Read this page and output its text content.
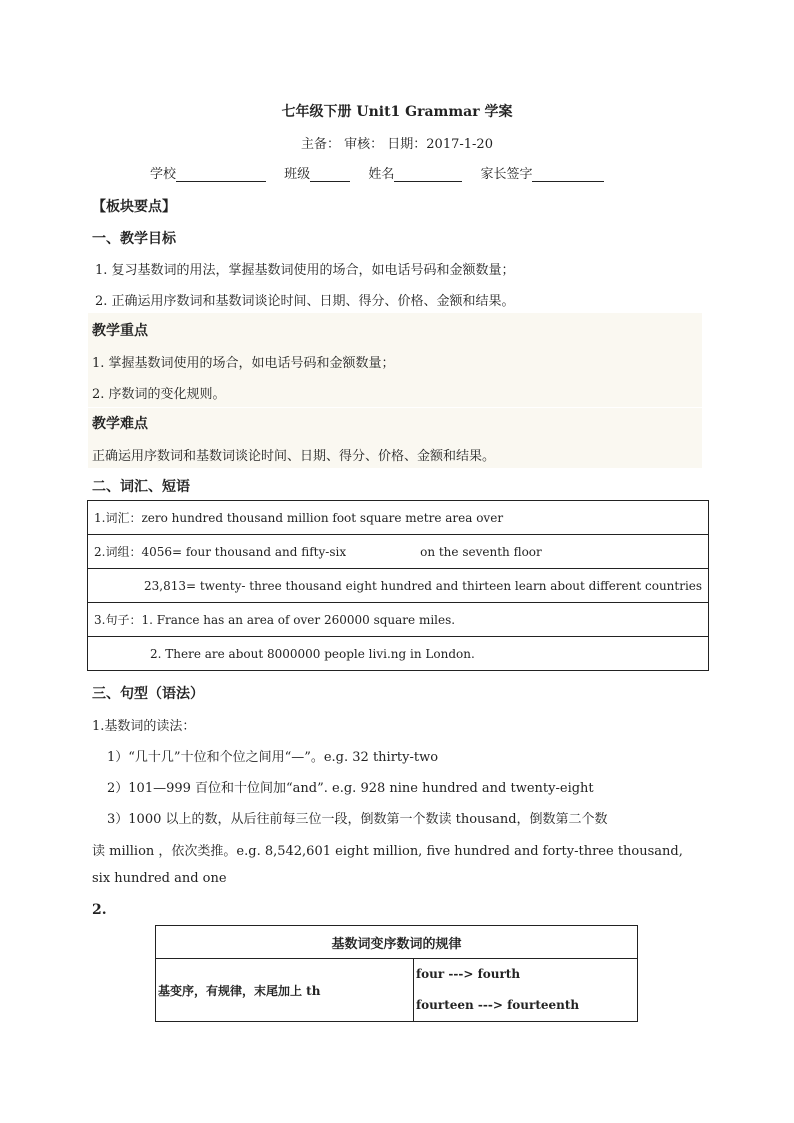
七年级下册 Unit1 Grammar 学案
主备： 审核： 日期：2017-1-20
学校	班级	姓名	家长签字
【板块要点】
一、教学目标
1. 复习基数词的用法，掌握基数词使用的场合，如电话号码和金额数量；
2. 正确运用序数词和基数词谈论时间、日期、得分、价格、金额和结果。
教学重点
1. 掌握基数词使用的场合，如电话号码和金额数量；
2. 序数词的变化规则。
教学难点
正确运用序数词和基数词谈论时间、日期、得分、价格、金额和结果。
二、词汇、短语
1.词汇：zero hundred thousand million foot square metre area over
2.词组：4056= four thousand and fifty-six	on the seventh floor
23,813= twenty- three thousand eight hundred and thirteen learn about different countries
3.句子：1. France has an area of over 260000 square miles.
2. There are about 8000000 people livi.ng in London.
三、句型（语法）
1.基数词的读法：
1）“几十几”十位和个位之间用“—”。e.g. 32 thirty-two
2）101—999 百位和十位间加“and”. e.g. 928 nine hundred and twenty-eight
3）1000 以上的数，从后往前每三位一段，倒数第一个数读 thousand，倒数第二个数
读 million ，依次类推。e.g. 8,542,601 eight million, five hundred and forty-three thousand,
six hundred and one
2.
基数词变序数词的规律
基变序，有规律，末尾加上 th	
four ---> fourth
fourteen ---> fourteenth
